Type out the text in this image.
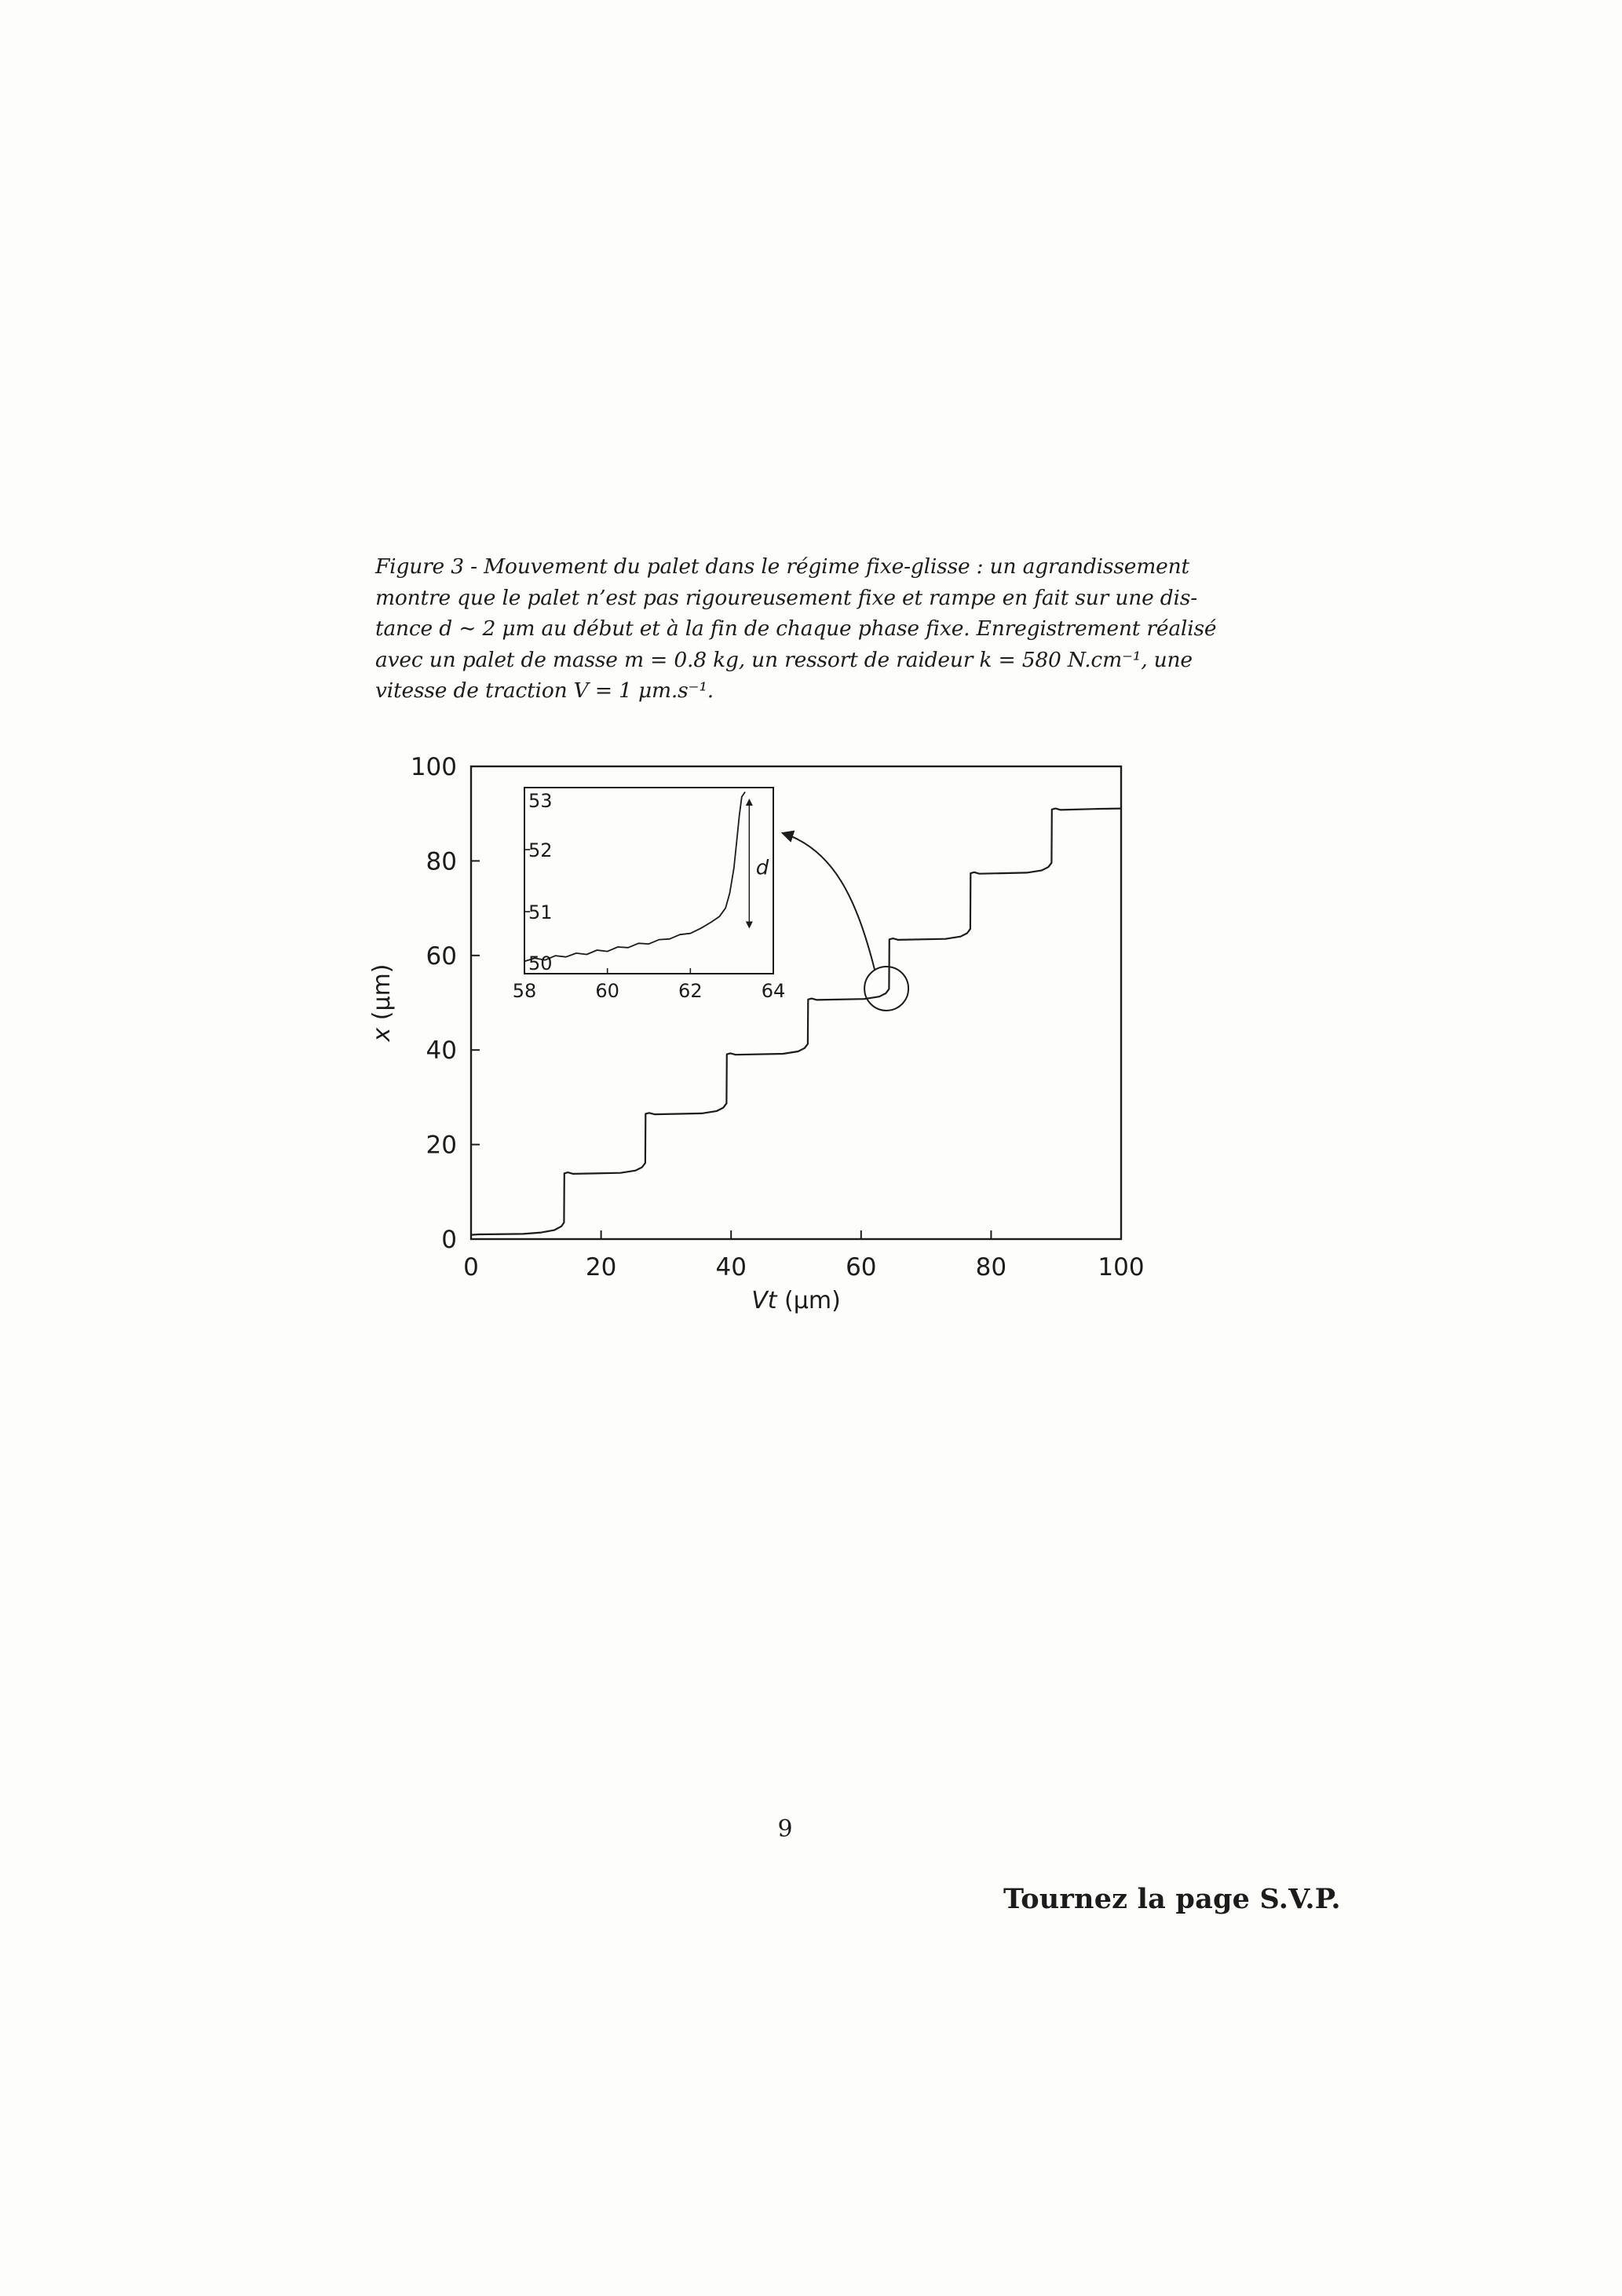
Figure 3 - Mouvement du palet dans le régime fixe-glisse : un agrandissement
montre que le palet n’est pas rigoureusement fixe et rampe en fait sur une dis-
tance d ∼ 2 μm au début et à la fin de chaque phase fixe. Enregistrement réalisé
avec un palet de masse m = 0.8 kg, un ressort de raideur k = 580 N.cm⁻¹, une
vitesse de traction V = 1 μm.s⁻¹.
0	20	40	60	80	100
0
20
40
60
80
100
Vt (μm)
x (μm)	58	60	62	64
50
51
52
53
d
9
Tournez la page S.V.P.
